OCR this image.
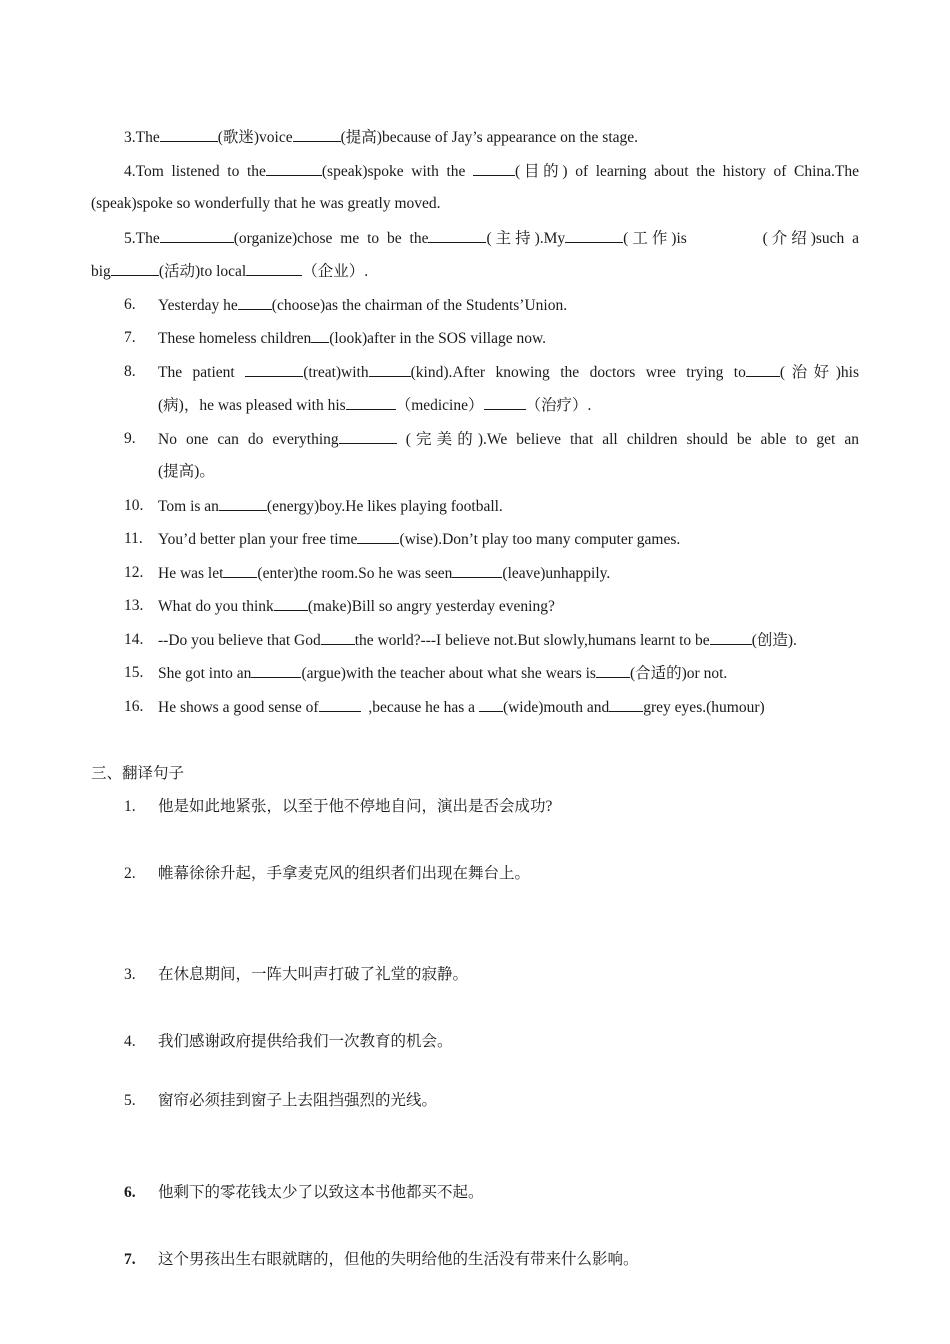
3.The	(歌迷)voice	(提高)because of Jay’s appearance on the stage.
4.Tom listened to the	(speak)spoke with the	(目的) of learning about the history of China.The
(speak)spoke so wonderfully that he was greatly moved.
5.The	(organize)chose me to be the	(主持).My	(工作)is	(介绍)such a
big	(活动)to local	（企业）.
6. Yesterday he (choose)as the chairman of the Students’Union.
7. These homeless children (look)after in the SOS village now.
8. The patient	(treat)with	(kind).After knowing the doctors wree trying to (治好)his
(病)，he was pleased with his	（medicine）	（治疗）.
9. No one can do everything	(完美的).We believe that all children should be able to get an
(提高)。
10. Tom is an	(energy)boy.He likes playing football.
11. You’d better plan your free time	(wise).Don’t play too many computer games.
12. He was let (enter)the room.So he was seen	(leave)unhappily.
13. What do you think (make)Bill so angry yesterday evening?
14. --Do you believe that God the world?---I believe not.But slowly,humans learnt to be	(创造).
15. She got into an	(argue)with the teacher about what she wears is (合适的)or not.
16. He shows a good sense of	,because he has a (wide)mouth and grey eyes.(humour)
三、翻译句子
1. 他是如此地紧张，以至于他不停地自问，演出是否会成功?
2. 帷幕徐徐升起，手拿麦克风的组织者们出现在舞台上。
3. 在休息期间，一阵大叫声打破了礼堂的寂静。
4. 我们感谢政府提供给我们一次教育的机会。
5. 窗帘必须挂到窗子上去阻挡强烈的光线。
6. 他剩下的零花钱太少了以致这本书他都买不起。
7. 这个男孩出生右眼就瞎的，但他的失明给他的生活没有带来什么影响。
